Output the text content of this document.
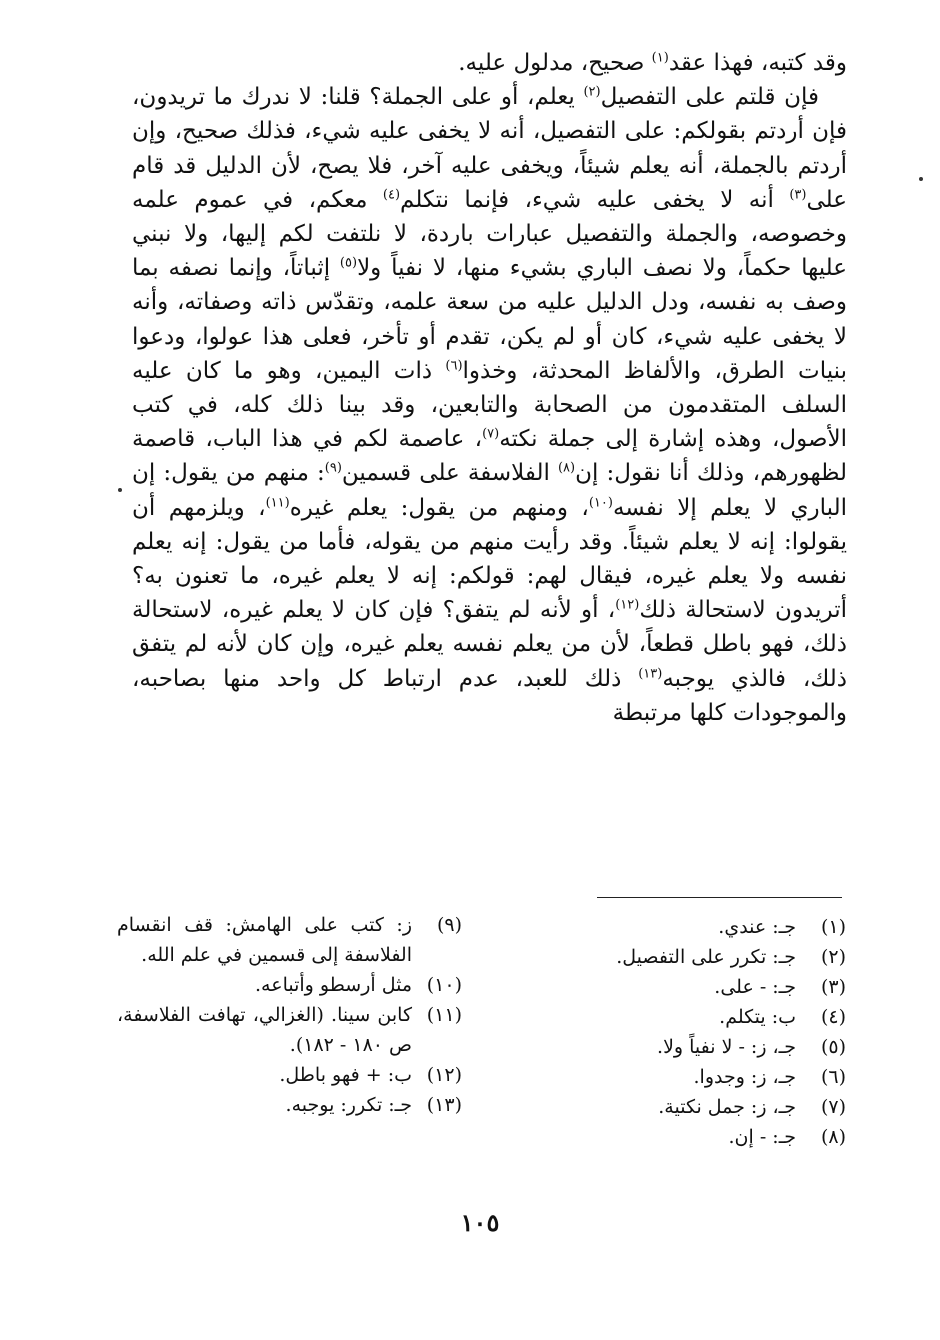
وقد كتبه، فهذا عقد$^{(١)}$ صحيح، مدلول عليه.

فإن قلتم على التفصيل$^{(٢)}$ يعلم، أو على الجملة؟ قلنا: لا ندرك ما تريدون، فإن أردتم بقولكم: على التفصيل، أنه لا يخفى عليه شيء، فذلك صحيح، وإن أردتم بالجملة، أنه يعلم شيئاً، ويخفى عليه آخر، فلا يصح، لأن الدليل قد قام على$^{(٣)}$ أنه لا يخفى عليه شيء، فإنما نتكلم$^{(٤)}$ معكم، في عموم علمه وخصوصه، والجملة والتفصيل عبارات باردة، لا نلتفت لكم إليها، ولا نبني عليها حكماً، ولا نصف الباري بشيء منها، لا نفياً ولا$^{(٥)}$ إثباتاً، وإنما نصفه بما وصف به نفسه، ودل الدليل عليه من سعة علمه، وتقدّس ذاته وصفاته، وأنه لا يخفى عليه شيء، كان أو لم يكن، تقدم أو تأخر، فعلى هذا عولوا، ودعوا بنيات الطرق، والألفاظ المحدثة، وخذوا$^{(٦)}$ ذات اليمين، وهو ما كان عليه السلف المتقدمون من الصحابة والتابعين، وقد بينا ذلك كله، في كتب الأصول، وهذه إشارة إلى جملة نكته$^{(٧)}$، عاصمة لكم في هذا الباب، قاصمة لظهورهم، وذلك أنا نقول: إن$^{(٨)}$ الفلاسفة على قسمين$^{(٩)}$: منهم من يقول: إن الباري لا يعلم إلا نفسه$^{(١٠)}$، ومنهم من يقول: يعلم غيره$^{(١١)}$، ويلزمهم أن يقولوا: إنه لا يعلم شيئاً. وقد رأيت منهم من يقوله، فأما من يقول: إنه يعلم نفسه ولا يعلم غيره، فيقال لهم: قولكم: إنه لا يعلم غيره، ما تعنون به؟ أتريدون لاستحالة ذلك$^{(١٢)}$، أو لأنه لم يتفق؟ فإن كان لا يعلم غيره، لاستحالة ذلك، فهو باطل قطعاً، لأن من يعلم نفسه يعلم غيره، وإن كان لأنه لم يتفق ذلك، فالذي يوجبه$^{(١٣)}$ ذلك للعبد، عدم ارتباط كل واحد منها بصاحبه، والموجودات كلها مرتبطة

(١)
جـ: عندي.
(٢)
جـ: تكرر على التفصيل.
(٣)
جـ: - على.
(٤)
ب: يتكلم.
(٥)
جـ، ز: - لا نفياً ولا.
(٦)
جـ، ز: وجدوا.
(٧)
جـ، ز: جمل نكتية.
(٨)
جـ: - إن.
(٩)
ز: كتب على الهامش: قف انقسام الفلاسفة إلى قسمين في علم الله.
(١٠)
مثل أرسطو وأتباعه.
(١١)
كابن سينا. (الغزالي، تهافت الفلاسفة، ص ١٨٠ - ١٨٢).
(١٢)
ب: + فهو باطل.
(١٣)
جـ: تكرر: يوجبه.
١٠٥
